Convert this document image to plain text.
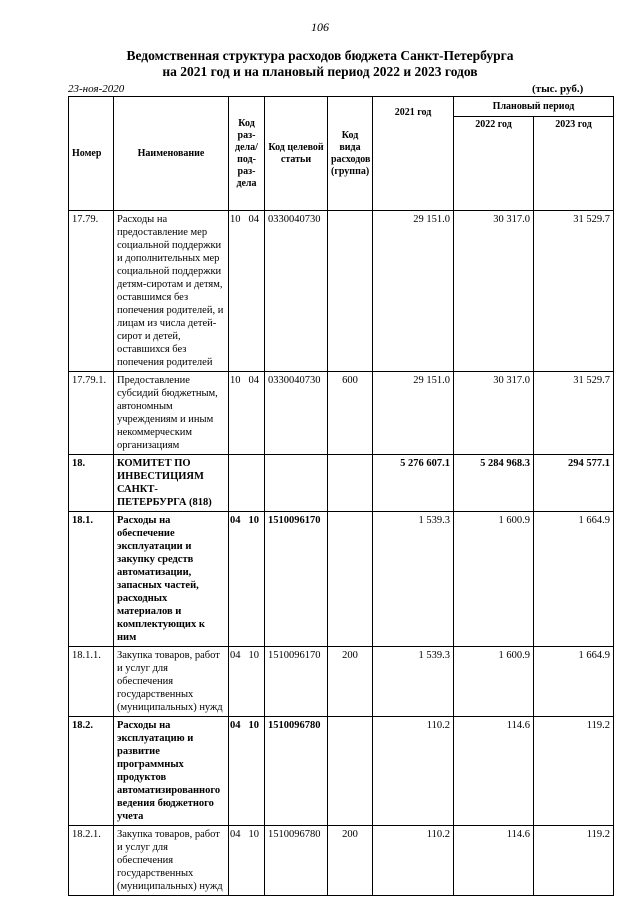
106
Ведомственная структура расходов бюджета Санкт-Петербурга
на 2021 год и на плановый период 2022 и 2023 годов
23-ноя-2020	(тыс. руб.)
Номер	Наименование	Код раз-дела/ под-раз-дела	Код целевой статьи	Код вида расходов (группа)	2021 год	Плановый период	
						2022 год	2023 год
17.79.	Расходы на предоставление мер социальной поддержки и дополнительных мер социальной поддержки детям-сиротам и детям, оставшимся без попечения родителей, и лицам из числа детей-сирот и детей, оставшихся без попечения родителей	10 04	0330040730		29 151.0	30 317.0	31 529.7
17.79.1.	Предоставление субсидий бюджетным, автономным учреждениям и иным некоммерческим организациям	10 04	0330040730	600	29 151.0	30 317.0	31 529.7
18.	КОМИТЕТ ПО ИНВЕСТИЦИЯМ САНКТ-ПЕТЕРБУРГА (818)				5 276 607.1	5 284 968.3	294 577.1
18.1.	Расходы на обеспечение эксплуатации и закупку средств автоматизации, запасных частей, расходных материалов и комплектующих к ним	04 10	1510096170		1 539.3	1 600.9	1 664.9
18.1.1.	Закупка товаров, работ и услуг для обеспечения государственных (муниципальных) нужд	04 10	1510096170	200	1 539.3	1 600.9	1 664.9
18.2.	Расходы на эксплуатацию и развитие программных продуктов автоматизированного ведения бюджетного учета	04 10	1510096780		110.2	114.6	119.2
18.2.1.	Закупка товаров, работ и услуг для обеспечения государственных (муниципальных) нужд	04 10	1510096780	200	110.2	114.6	119.2
